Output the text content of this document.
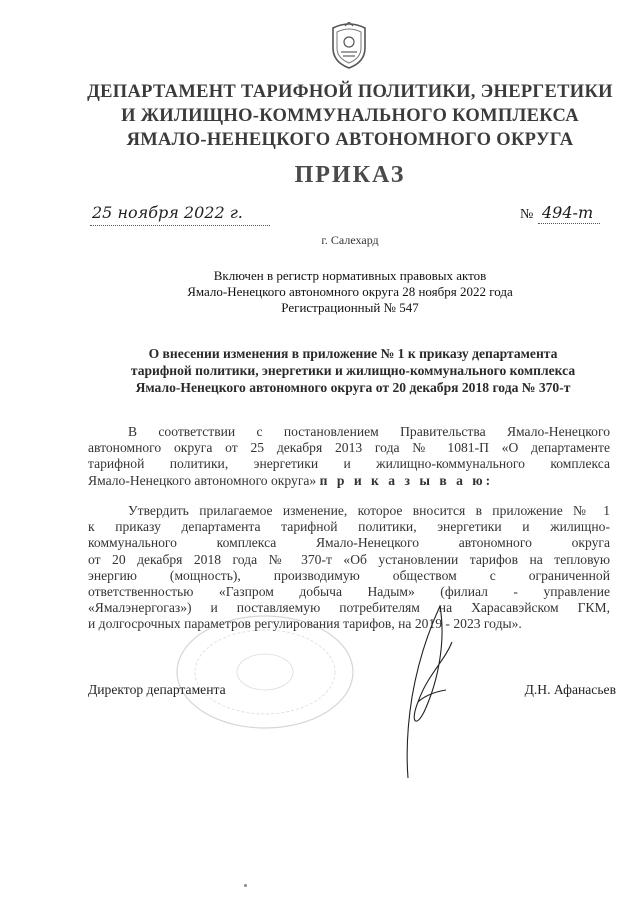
ДЕПАРТАМЕНТ ТАРИФНОЙ ПОЛИТИКИ, ЭНЕРГЕТИКИ
И ЖИЛИЩНО-КОММУНАЛЬНОГО КОМПЛЕКСА
ЯМАЛО-НЕНЕЦКОГО АВТОНОМНОГО ОКРУГА
ПРИКАЗ
25 ноября 2022 г.	№ 494-т
г. Салехард
Включен в регистр нормативных правовых актов
Ямало-Ненецкого автономного округа 28 ноября 2022 года
Регистрационный № 547
О внесении изменения в приложение № 1 к приказу департамента
тарифной политики, энергетики и жилищно-коммунального комплекса
Ямало-Ненецкого автономного округа от 20 декабря 2018 года № 370-т
В соответствии с постановлением Правительства Ямало-Ненецкого
автономного округа от 25 декабря 2013 года № 1081-П «О департаменте
тарифной политики, энергетики и жилищно-коммунального комплекса
Ямало-Ненецкого автономного округа» п р и к а з ы в а ю:
Утвердить прилагаемое изменение, которое вносится в приложение № 1
к приказу департамента тарифной политики, энергетики и жилищно-
коммунального комплекса Ямало-Ненецкого автономного округа
от 20 декабря 2018 года № 370-т «Об установлении тарифов на тепловую
энергию (мощность), производимую обществом с ограниченной
ответственностью «Газпром добыча Надым» (филиал - управление
«Ямалэнергогаз») и поставляемую потребителям на Харасавэйском ГКМ,
и долгосрочных параметров регулирования тарифов, на 2019 - 2023 годы».
Директор департамента	Д.Н. Афанасьев
